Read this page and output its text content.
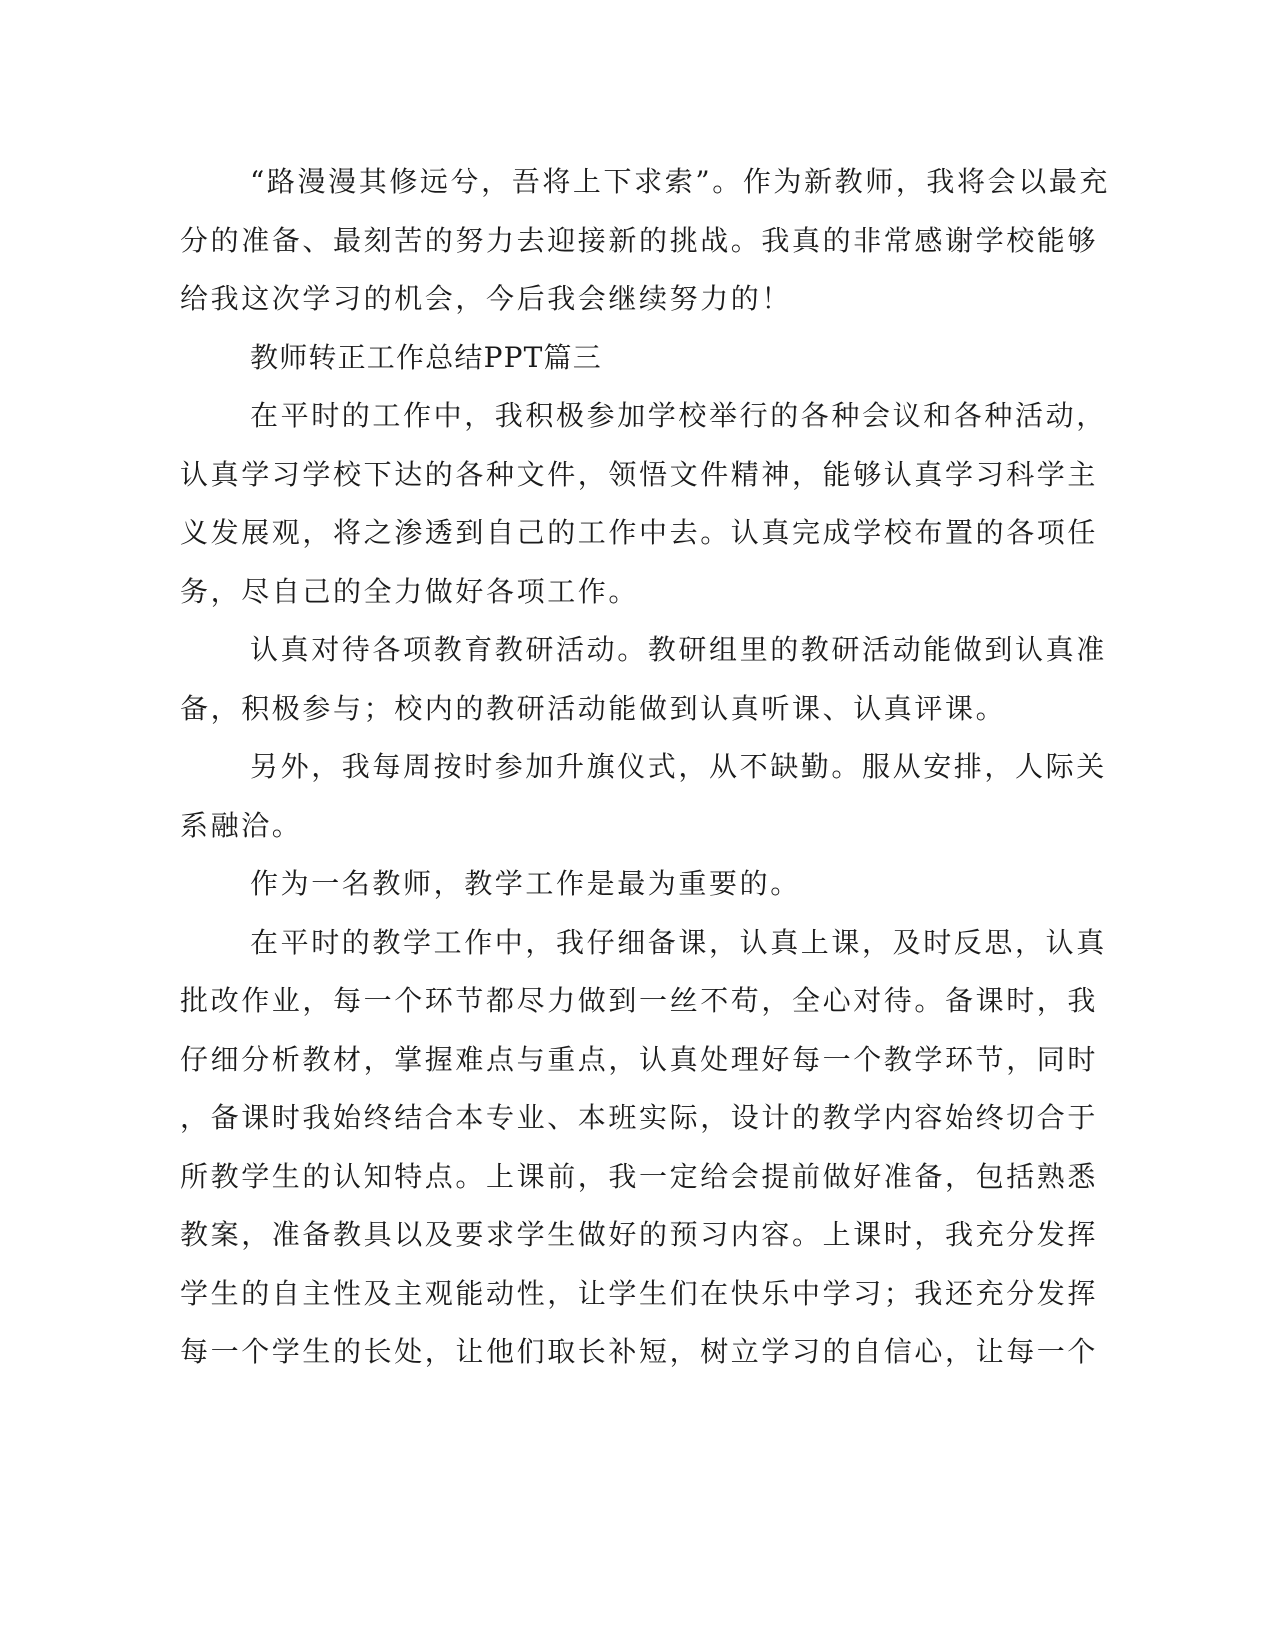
“路漫漫其修远兮，吾将上下求索”。作为新教师，我将会以最充

分的准备、最刻苦的努力去迎接新的挑战。我真的非常感谢学校能够

给我这次学习的机会，今后我会继续努力的！

教师转正工作总结PPT篇三

在平时的工作中，我积极参加学校举行的各种会议和各种活动，

认真学习学校下达的各种文件，领悟文件精神，能够认真学习科学主

义发展观，将之渗透到自己的工作中去。认真完成学校布置的各项任

务，尽自己的全力做好各项工作。

认真对待各项教育教研活动。教研组里的教研活动能做到认真准

备，积极参与；校内的教研活动能做到认真听课、认真评课。

另外，我每周按时参加升旗仪式，从不缺勤。服从安排，人际关

系融洽。

作为一名教师，教学工作是最为重要的。

在平时的教学工作中，我仔细备课，认真上课，及时反思，认真

批改作业，每一个环节都尽力做到一丝不苟，全心对待。备课时，我

仔细分析教材，掌握难点与重点，认真处理好每一个教学环节，同时

，备课时我始终结合本专业、本班实际，设计的教学内容始终切合于

所教学生的认知特点。上课前，我一定给会提前做好准备，包括熟悉

教案，准备教具以及要求学生做好的预习内容。上课时，我充分发挥

学生的自主性及主观能动性，让学生们在快乐中学习；我还充分发挥

每一个学生的长处，让他们取长补短，树立学习的自信心，让每一个
